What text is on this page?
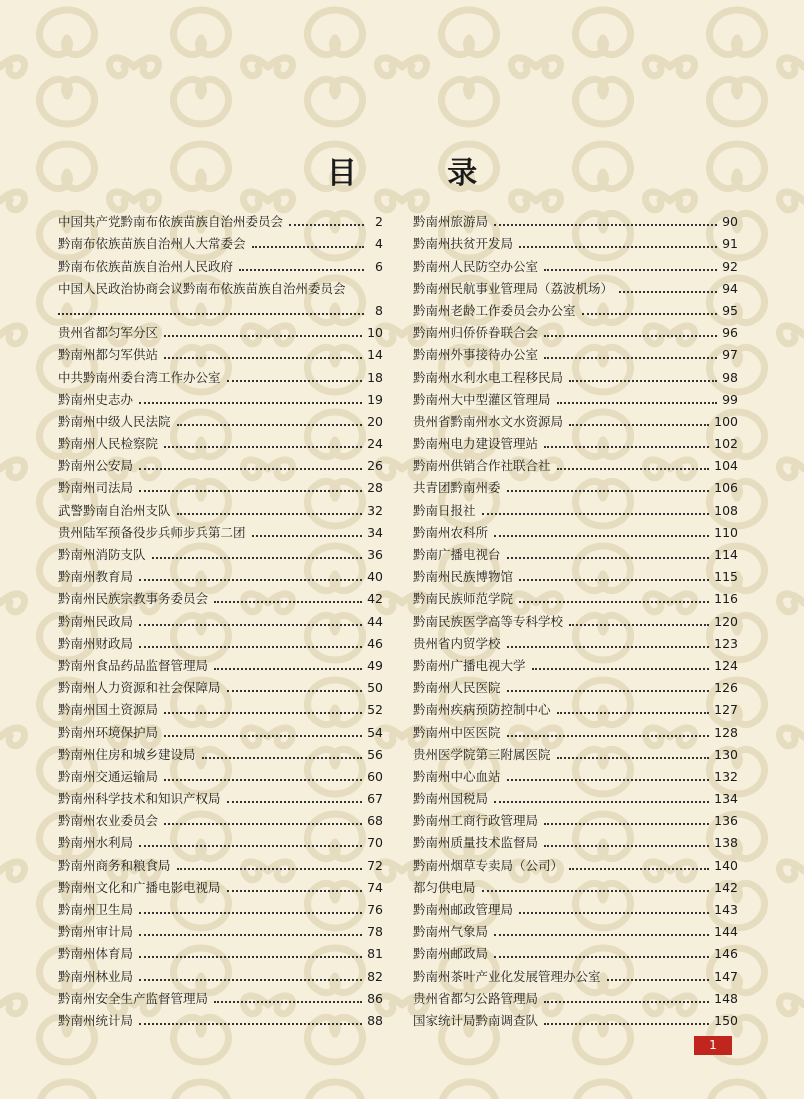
目 录
中国共产党黔南布依族苗族自治州委员会	2
黔南布依族苗族自治州人大常委会	4
黔南布依族苗族自治州人民政府	6
中国人民政治协商会议黔南布依族苗族自治州委员会
8
贵州省都匀军分区	10
黔南州都匀军供站	14
中共黔南州委台湾工作办公室	18
黔南州史志办	19
黔南州中级人民法院	20
黔南州人民检察院	24
黔南州公安局	26
黔南州司法局	28
武警黔南自治州支队	32
贵州陆军预备役步兵师步兵第二团	34
黔南州消防支队	36
黔南州教育局	40
黔南州民族宗教事务委员会	42
黔南州民政局	44
黔南州财政局	46
黔南州食品药品监督管理局	49
黔南州人力资源和社会保障局	50
黔南州国土资源局	52
黔南州环境保护局	54
黔南州住房和城乡建设局	56
黔南州交通运输局	60
黔南州科学技术和知识产权局	67
黔南州农业委员会	68
黔南州水利局	70
黔南州商务和粮食局	72
黔南州文化和广播电影电视局	74
黔南州卫生局	76
黔南州审计局	78
黔南州体育局	81
黔南州林业局	82
黔南州安全生产监督管理局	86
黔南州统计局	88
黔南州旅游局	90
黔南州扶贫开发局	91
黔南州人民防空办公室	92
黔南州民航事业管理局（荔波机场）	94
黔南州老龄工作委员会办公室	95
黔南州归侨侨眷联合会	96
黔南州外事接待办公室	97
黔南州水利水电工程移民局	98
黔南州大中型灌区管理局	99
贵州省黔南州水文水资源局	100
黔南州电力建设管理站	102
黔南州供销合作社联合社	104
共青团黔南州委	106
黔南日报社	108
黔南州农科所	110
黔南广播电视台	114
黔南州民族博物馆	115
黔南民族师范学院	116
黔南民族医学高等专科学校	120
贵州省内贸学校	123
黔南州广播电视大学	124
黔南州人民医院	126
黔南州疾病预防控制中心	127
黔南州中医医院	128
贵州医学院第三附属医院	130
黔南州中心血站	132
黔南州国税局	134
黔南州工商行政管理局	136
黔南州质量技术监督局	138
黔南州烟草专卖局（公司）	140
都匀供电局	142
黔南州邮政管理局	143
黔南州气象局	144
黔南州邮政局	146
黔南州茶叶产业化发展管理办公室	147
贵州省都匀公路管理局	148
国家统计局黔南调查队	150
1
